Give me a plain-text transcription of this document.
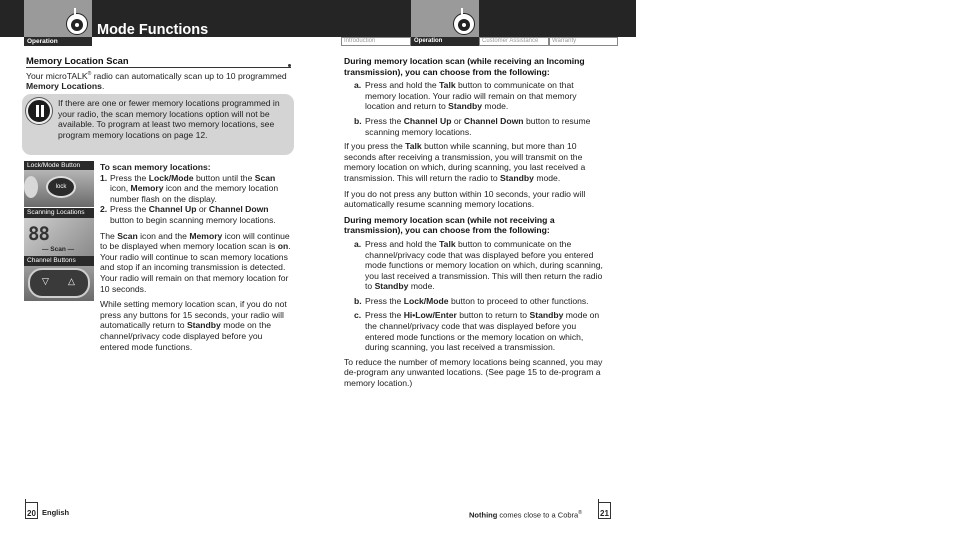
Operation
Mode Functions
Introduction	Operation	Customer Assistance	Warranty
Memory Location Scan
Your microTALK® radio can automatically scan up to 10 programmed Memory Locations.
If there are one or fewer memory locations programmed in your radio, the scan memory locations option will not be available. To program at least two memory locations, see program memory locations on page 12.
Lock/Mode Button
lock
Scanning Locations
88
— Scan —
Channel Buttons
▽ △

To scan memory locations:

1. Press the Lock/Mode button until the Scan icon, Memory icon and the memory location number flash on the display.
2. Press the Channel Up or Channel Down button to begin scanning memory locations.

The Scan icon and the Memory icon will continue to be displayed when memory location scan is on. Your radio will continue to scan memory locations and stop if an incoming transmission is detected. Your radio will remain on that memory location for 10 seconds.

While setting memory location scan, if you do not press any buttons for 15 seconds, your radio will automatically return to Standby mode on the channel/privacy code displayed before you entered mode functions.

During memory location scan (while receiving an Incoming transmission), you can choose from the following:

a. Press and hold the Talk button to communicate on that memory location. Your radio will remain on that memory location and return to Standby mode.

b. Press the Channel Up or Channel Down button to resume scanning memory locations.

If you press the Talk button while scanning, but more than 10 seconds after receiving a transmission, you will transmit on the memory location on which, during scanning, you last received a transmission. This will return the radio to Standby mode.

If you do not press any button within 10 seconds, your radio will automatically resume scanning memory locations.

During memory location scan (while not receiving a transmission), you can choose from the following:

a. Press and hold the Talk button to communicate on the channel/privacy code that was displayed before you entered mode functions or memory location on which, during scanning, you last received a transmission. This will then return the radio to Standby mode.

b. Press the Lock/Mode button to proceed to other functions.

c. Press the Hi•Low/Enter button to return to Standby mode on the channel/privacy code that was displayed before you entered mode functions or the memory location on which, during scanning, you last received a transmission.

To reduce the number of memory locations being scanned, you may de-program any unwanted locations. (See page 15 to de-program a memory location.)

20 English	Nothing comes close to a Cobra® 21
